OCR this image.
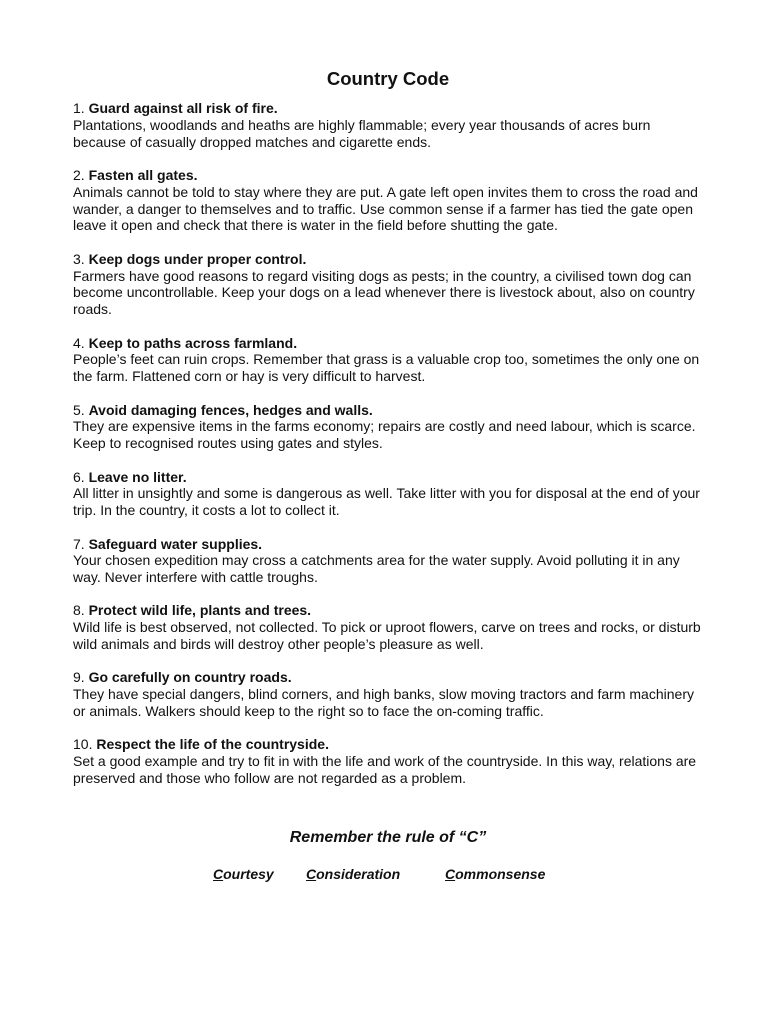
Country Code
1. Guard against all risk of fire.
Plantations, woodlands and heaths are highly flammable; every year thousands of acres burn because of casually dropped matches and cigarette ends.
2. Fasten all gates.
Animals cannot be told to stay where they are put. A gate left open invites them to cross the road and wander, a danger to themselves and to traffic. Use common sense if a farmer has tied the gate open leave it open and check that there is water in the field before shutting the gate.
3. Keep dogs under proper control.
Farmers have good reasons to regard visiting dogs as pests; in the country, a civilised town dog can become uncontrollable. Keep your dogs on a lead whenever there is livestock about, also on country roads.
4. Keep to paths across farmland.
People’s feet can ruin crops. Remember that grass is a valuable crop too, sometimes the only one on the farm. Flattened corn or hay is very difficult to harvest.
5. Avoid damaging fences, hedges and walls.
They are expensive items in the farms economy; repairs are costly and need labour, which is scarce. Keep to recognised routes using gates and styles.
6. Leave no litter.
All litter in unsightly and some is dangerous as well. Take litter with you for disposal at the end of your trip. In the country, it costs a lot to collect it.
7. Safeguard water supplies.
Your chosen expedition may cross a catchments area for the water supply. Avoid polluting it in any way. Never interfere with cattle troughs.
8. Protect wild life, plants and trees.
Wild life is best observed, not collected. To pick or uproot flowers, carve on trees and rocks, or disturb wild animals and birds will destroy other people’s pleasure as well.
9. Go carefully on country roads.
They have special dangers, blind corners, and high banks, slow moving tractors and farm machinery or animals. Walkers should keep to the right so to face the on-coming traffic.
10. Respect the life of the countryside.
Set a good example and try to fit in with the life and work of the countryside. In this way, relations are preserved and those who follow are not regarded as a problem.

Remember the rule of “C”

Courtesy Consideration	Commonsense
